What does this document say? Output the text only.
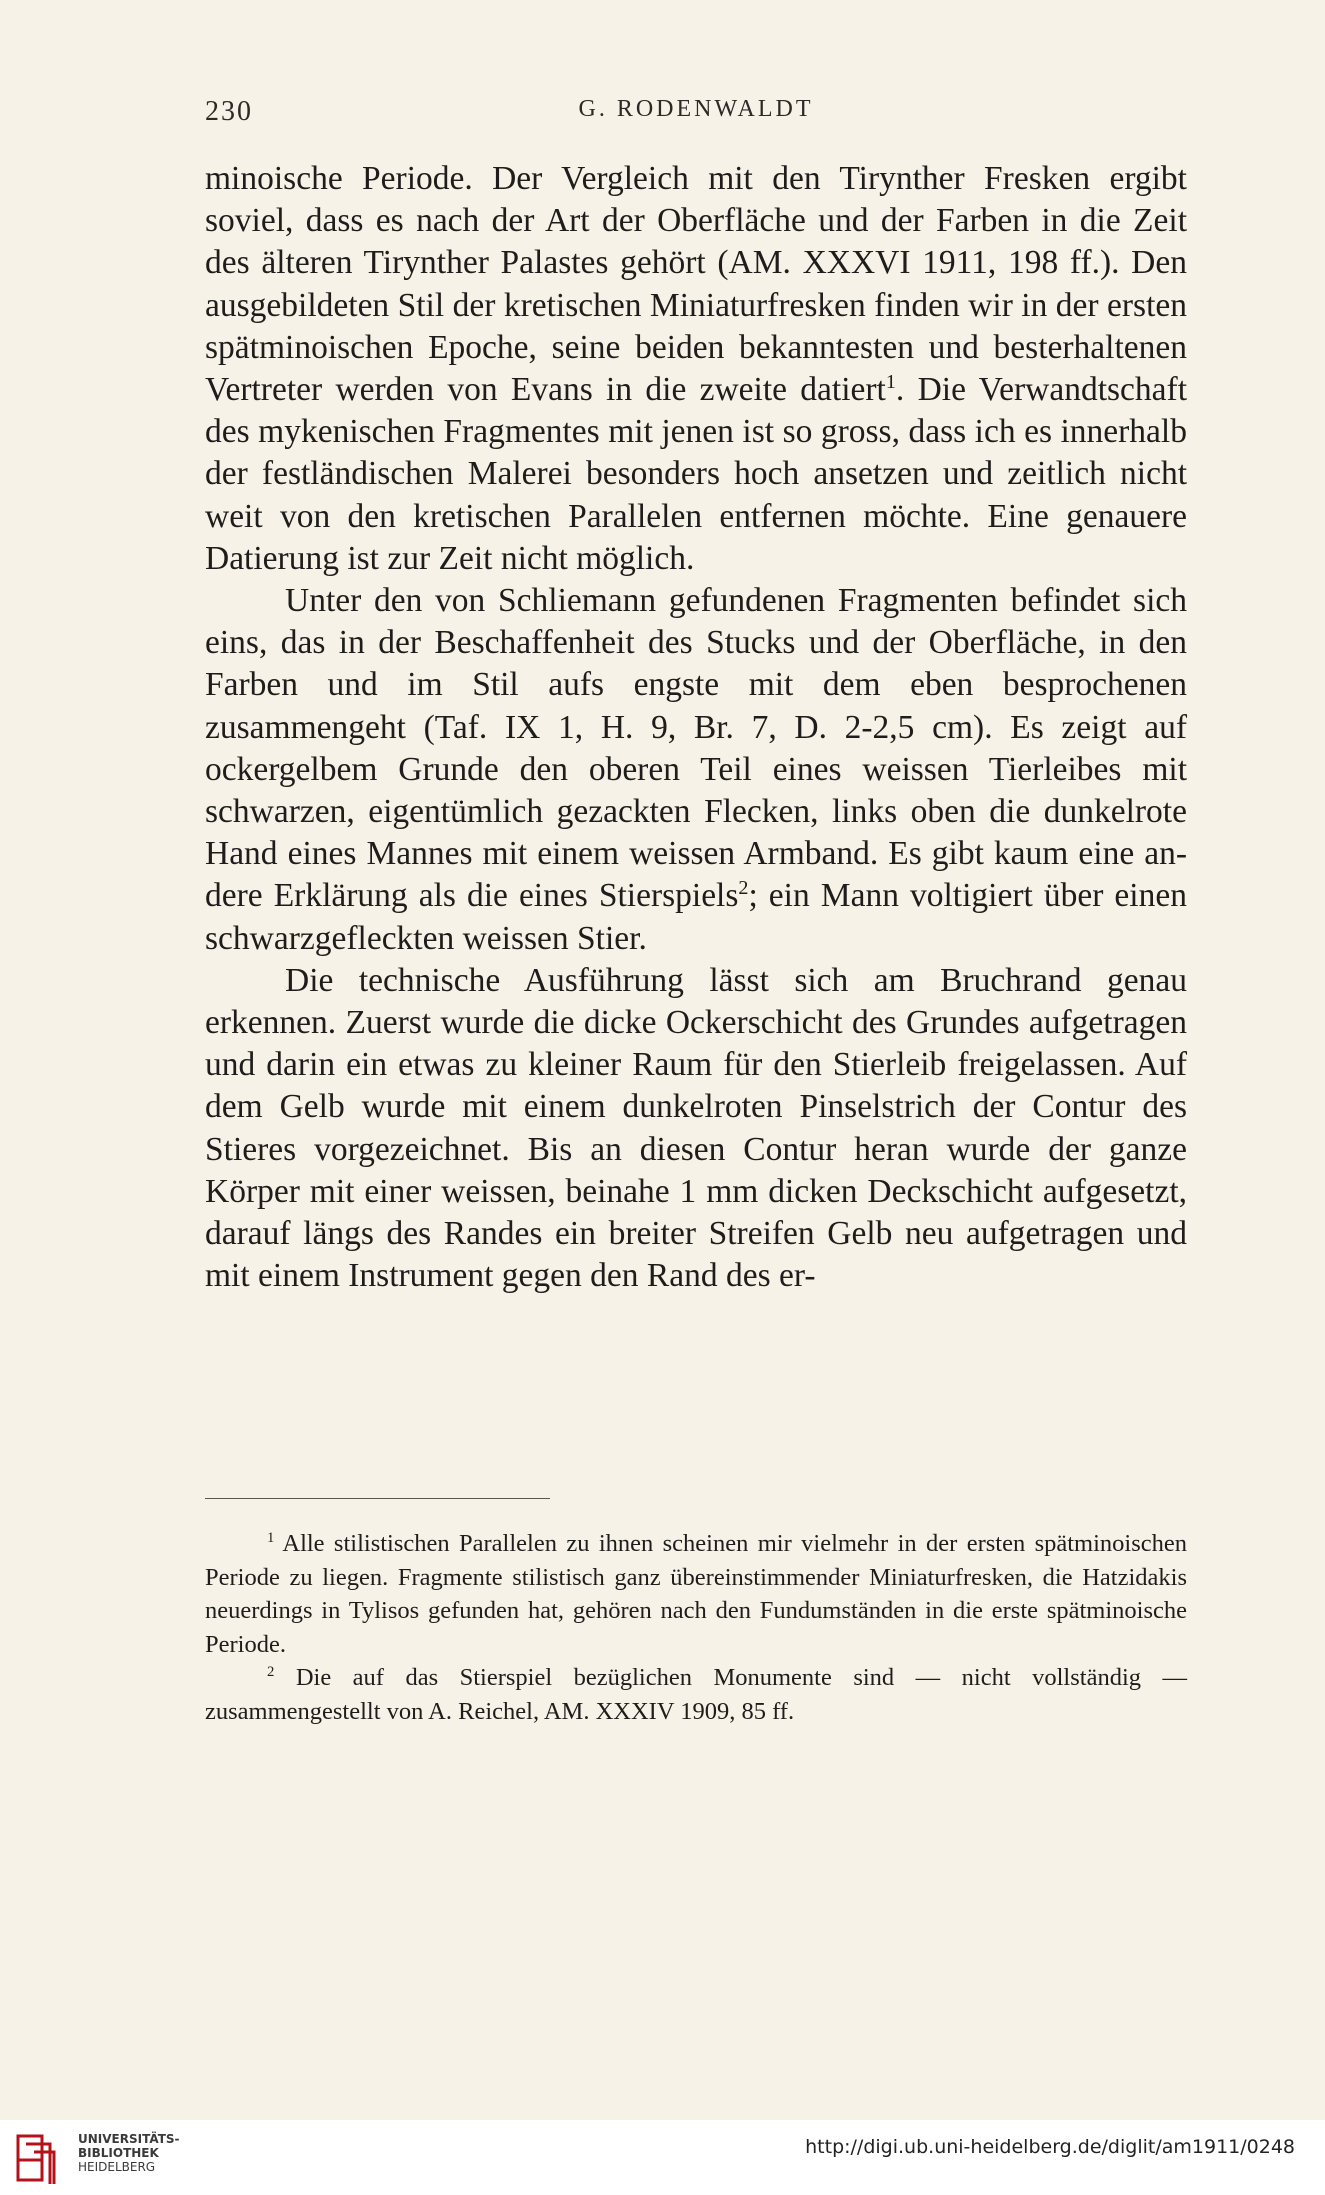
230	G. RODENWALDT

minoische Periode. Der Vergleich mit den Tirynther Fresken ergibt soviel, dass es nach der Art der Oberfläche und der Farben in die Zeit des älteren Tirynther Palastes gehört (AM. XXXVI 1911, 198 ff.). Den ausgebildeten Stil der kretischen Miniaturfresken finden wir in der ersten spätminoischen Epoche, seine beiden bekanntesten und besterhaltenen Vertreter werden von Evans in die zweite datiert$^1$. Die Verwandtschaft des mykenischen Fragmentes mit jenen ist so gross, dass ich es innerhalb der festländischen Malerei besonders hoch ansetzen und zeitlich nicht weit von den kretischen Parallelen entfernen möchte. Eine genauere Datierung ist zur Zeit nicht möglich.

Unter den von Schliemann gefundenen Fragmenten befindet sich eins, das in der Beschaffenheit des Stucks und der Oberfläche, in den Farben und im Stil aufs engste mit dem eben besprochenen zusammengeht (Taf. IX 1, H. 9, Br. 7, D. 2-2,5 cm). Es zeigt auf ockergelbem Grunde den oberen Teil eines weissen Tierleibes mit schwarzen, eigentümlich gezackten Flecken, links oben die dunkelrote Hand eines Mannes mit einem weissen Armband. Es gibt kaum eine andere Erklärung als die eines Stierspiels$^2$; ein Mann voltigiert über einen schwarzgefleckten weissen Stier.

Die technische Ausführung lässt sich am Bruchrand genau erkennen. Zuerst wurde die dicke Ockerschicht des Grundes aufgetragen und darin ein etwas zu kleiner Raum für den Stierleib freigelassen. Auf dem Gelb wurde mit einem dunkelroten Pinselstrich der Contur des Stieres vorgezeichnet. Bis an diesen Contur heran wurde der ganze Körper mit einer weissen, beinahe 1 mm dicken Deckschicht aufgesetzt, darauf längs des Randes ein breiter Streifen Gelb neu aufgetragen und mit einem Instrument gegen den Rand des er-

$^1$ Alle stilistischen Parallelen zu ihnen scheinen mir vielmehr in der ersten spätminoischen Periode zu liegen. Fragmente stilistisch ganz übereinstimmender Miniaturfresken, die Hatzidakis neuerdings in Tylisos gefunden hat, gehören nach den Fundumständen in die erste spätminoische Periode.

$^2$ Die auf das Stierspiel bezüglichen Monumente sind — nicht vollständig — zusammengestellt von A. Reichel, AM. XXXIV 1909, 85 ff.

UNIVERSITÄTS-
BIBLIOTHEK
HEIDELBERG
http://digi.ub.uni-heidelberg.de/diglit/am1911/0248
